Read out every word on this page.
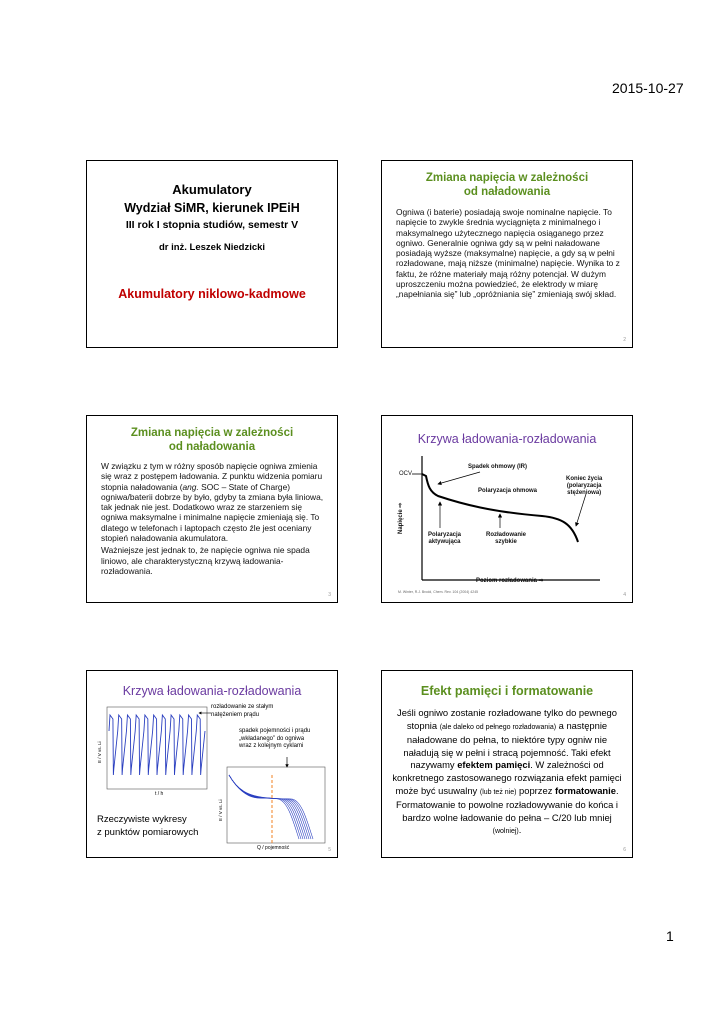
2015-10-27
Akumulatory
Wydział SiMR, kierunek IPEiH
III rok I stopnia studiów, semestr V
dr inż. Leszek Niedzicki
Akumulatory niklowo-kadmowe
Zmiana napięcia w zależności
od naładowania
Ogniwa (i baterie) posiadają swoje nominalne napięcie. To napięcie to zwykle średnia wyciągnięta z minimalnego i maksymalnego użytecznego napięcia osiąganego przez ogniwo. Generalnie ogniwa gdy są w pełni naładowane posiadają wyższe (maksymalne) napięcie, a gdy są w pełni rozładowane, mają niższe (minimalne) napięcie. Wynika to z faktu, że różne materiały mają różny potencjał. W dużym uproszczeniu można powiedzieć, że elektrody w miarę „napełniania się” lub „opróżniania się” zmieniają swój skład.
2
Zmiana napięcia w zależności
od naładowania
W związku z tym w różny sposób napięcie ogniwa zmienia się wraz z postępem ładowania. Z punktu widzenia pomiaru stopnia naładowania (ang. SOC – State of Charge) ogniwa/baterii dobrze by było, gdyby ta zmiana była liniowa, tak jednak nie jest. Dodatkowo wraz ze starzeniem się ogniwa maksymalne i minimalne napięcie zmieniają się. To dlatego w telefonach i laptopach często źle jest oceniany stopień naładowania akumulatora.
Ważniejsze jest jednak to, że napięcie ogniwa nie spada liniowo, ale charakterystyczną krzywą ładowania-rozładowania.
3
Krzywa ładowania-rozładowania
OCV
Spadek ohmowy (IR)
Polaryzacja ohmowa
Koniec życia
(polaryzacja
stężeniowa)
Napięcie ⇨
Polaryzacja
aktywująca
Rozładowanie
szybkie
Poziom rozładowania ⇨
M. Winter, R.J. Brodd, Chem. Rev. 104 (2004) 4245	4
Krzywa ładowania-rozładowania
rozładowanie ze stałym
natężeniem prądu
spadek pojemności i prądu
„wkładanego” do ogniwa
wraz z kolejnym cyklami
E / V vs. Li
t / h
E / V vs. Li
Q / pojemność
Rzeczywiste wykresy
z punktów pomiarowych
5
Efekt pamięci i formatowanie
Jeśli ogniwo zostanie rozładowane tylko do pewnego stopnia (ale daleko od pełnego rozładowania) a następnie naładowane do pełna, to niektóre typy ogniw nie naładują się w pełni i stracą pojemność. Taki efekt nazywamy efektem pamięci. W zależności od konkretnego zastosowanego rozwiązania efekt pamięci może być usuwalny (lub też nie) poprzez formatowanie. Formatowanie to powolne rozładowywanie do końca i bardzo wolne ładowanie do pełna – C/20 lub mniej (wolniej).
6
1
